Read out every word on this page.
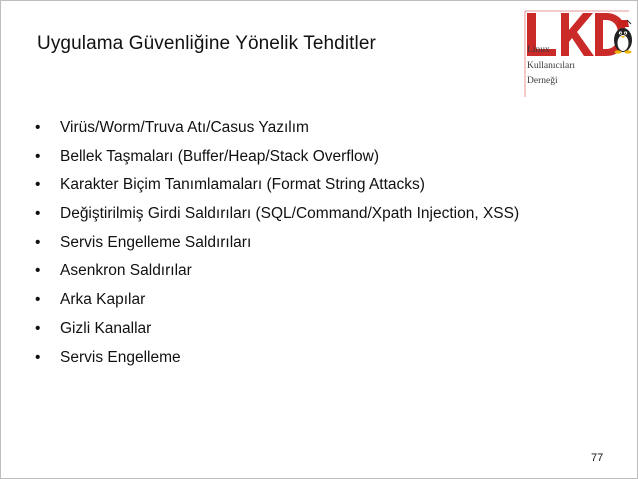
Uygulama Güvenliğine Yönelik Tehditler	Linux
Kullanıcıları
Derneği
• Virüs/Worm/Truva Atı/Casus Yazılım
• Bellek Taşmaları (Buffer/Heap/Stack Overflow)
• Karakter Biçim Tanımlamaları (Format String Attacks)
• Değiştirilmiş Girdi Saldırıları (SQL/Command/Xpath Injection, XSS)
• Servis Engelleme Saldırıları
• Asenkron Saldırılar
• Arka Kapılar
• Gizli Kanallar
• Servis Engelleme
77
